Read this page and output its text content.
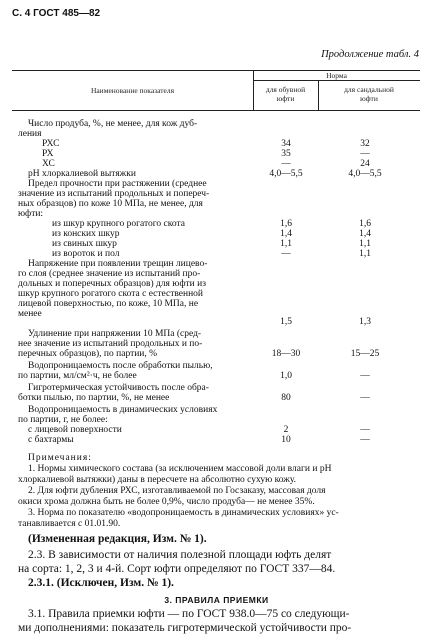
С. 4 ГОСТ 485—82
Продолжение табл. 4
Наименование показателя
Норма
для обувной
юфти
для сандальной
юфти
Число продуба, %, не менее, для кож дуб-
ления
РХС	34	32
РХ	35	—
ХС	—	24
рН хлоркалиевой вытяжки	4,0—5,5	4,0—5,5
Предел прочности при растяжении (среднее
значение из испытаний продольных и попереч-
ных образцов) по коже 10 МПа, не менее, для
юфти:
из шкур крупного рогатого скота	1,6	1,6
из конских шкур	1,4	1,4
из свиных шкур	1,1	1,1
из вороток и пол	—	1,1
Напряжение при появлении трещин лицево-
го слоя (среднее значение из испытаний про-
дольных и поперечных образцов) для юфти из
шкур крупного рогатого скота с естественной
лицевой поверхностью, по коже, 10 МПа, не
менее
1,5	1,3
Удлинение при напряжении 10 МПа (сред-
нее значение из испытаний продольных и по-
перечных образцов), по партии, %	18—30	15—25
Водопроницаемость после обработки пылью,
по партии, мл/см²·ч, не более	1,0	—
Гигротермическая устойчивость после обра-
ботки пылью, по партии, %, не менее	80	—
Водопроницаемость в динамических условиях
по партии, г, не более:
с лицевой поверхности	2	—
с бахтармы	10	—
Примечания:
1. Нормы химического состава (за исключением массовой доли влаги и рН
хлоркалиевой вытяжки) даны в пересчете на абсолютно сухую кожу.
2. Для юфти дубления РХС, изготавливаемой по Госзаказу, массовая доля
окиси хрома должна быть не более 0,9%, число продуба— не менее 35%.
3. Норма по показателю «водопроницаемость в динамических условиях» ус-
танавливается с 01.01.90.
(Измененная редакция, Изм. № 1).
2.3. В зависимости от наличия полезной площади юфть делят
на сорта: 1, 2, 3 и 4-й. Сорт юфти определяют по ГОСТ 337—84.
2.3.1. (Исключен, Изм. № 1).
3. ПРАВИЛА ПРИЕМКИ
3.1. Правила приемки юфти — по ГОСТ 938.0—75 со следующи-
ми дополнениями: показатель гигротермической устойчивости про-
